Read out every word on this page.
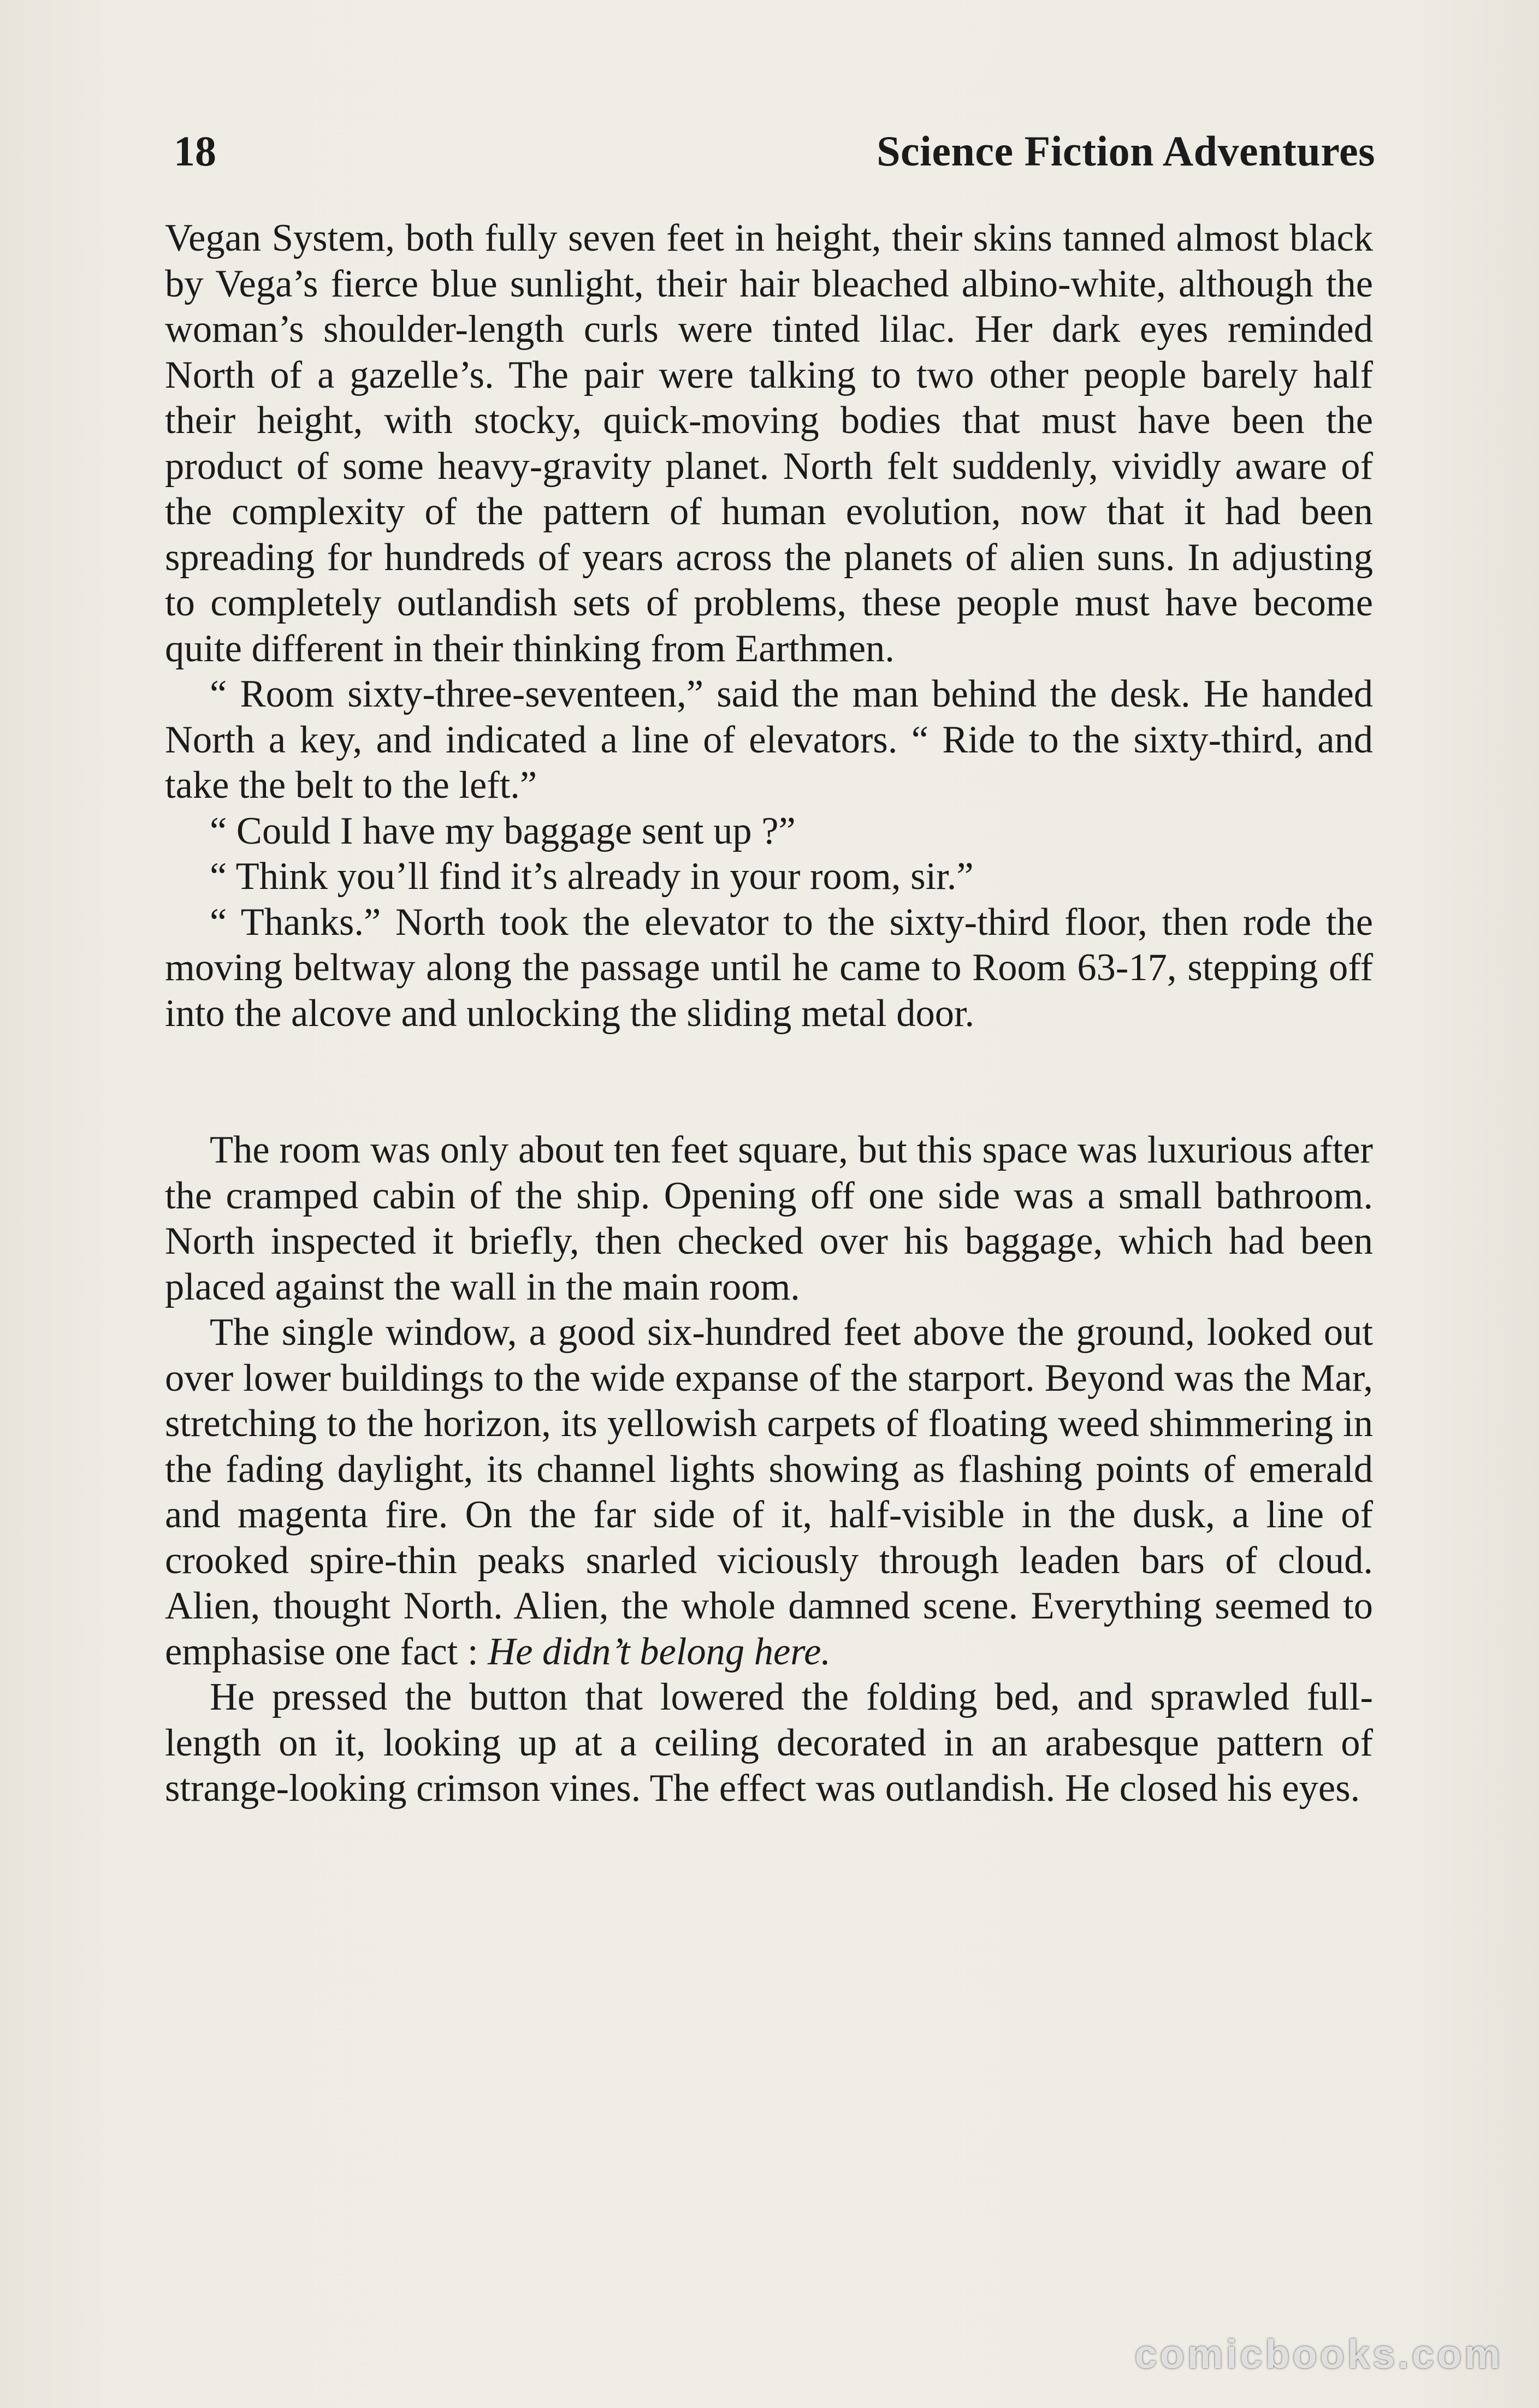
18	Science Fiction Adventures

Vegan System, both fully seven feet in height, their skins tanned almost black by Vega’s fierce blue sunlight, their hair bleached albino-white, although the woman’s shoulder-length curls were tinted lilac. Her dark eyes reminded North of a gazelle’s. The pair were talking to two other people barely half their height, with stocky, quick-moving bodies that must have been the product of some heavy-gravity planet. North felt suddenly, vividly aware of the complexity of the pattern of human evolution, now that it had been spreading for hundreds of years across the planets of alien suns. In adjusting to completely outlandish sets of problems, these people must have become quite different in their thinking from Earthmen.

“ Room sixty-three-seventeen,” said the man behind the desk. He handed North a key, and indicated a line of elevators. “ Ride to the sixty-third, and take the belt to the left.”

“ Could I have my baggage sent up ?”

“ Think you’ll find it’s already in your room, sir.”

“ Thanks.” North took the elevator to the sixty-third floor, then rode the moving beltway along the passage until he came to Room 63-17, stepping off into the alcove and unlocking the sliding metal door.

The room was only about ten feet square, but this space was luxurious after the cramped cabin of the ship. Opening off one side was a small bathroom. North inspected it briefly, then checked over his baggage, which had been placed against the wall in the main room.

The single window, a good six-hundred feet above the ground, looked out over lower buildings to the wide expanse of the starport. Beyond was the Mar, stretching to the horizon, its yellowish carpets of floating weed shimmering in the fading daylight, its channel lights showing as flashing points of emerald and magenta fire. On the far side of it, half-visible in the dusk, a line of crooked spire-thin peaks snarled viciously through leaden bars of cloud. Alien, thought North. Alien, the whole damned scene. Everything seemed to emphasise one fact : He didn’t belong here.

He pressed the button that lowered the folding bed, and sprawled full-length on it, looking up at a ceiling decorated in an arabesque pattern of strange-looking crimson vines. The effect was outlandish. He closed his eyes.

comicbooks.com
